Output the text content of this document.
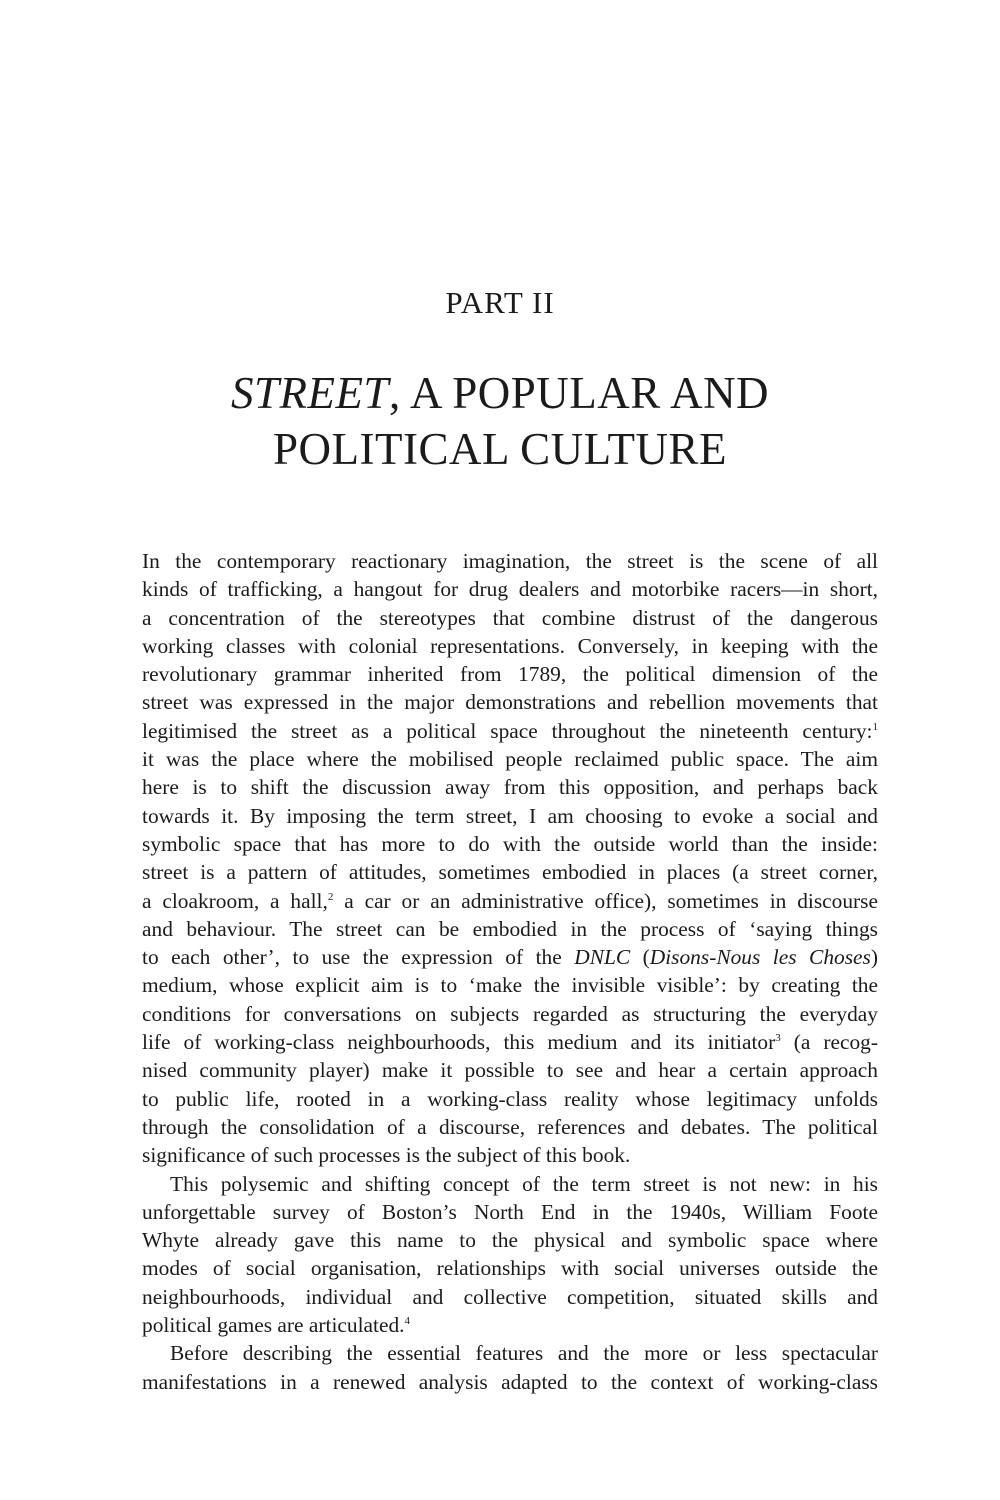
PART II
STREET, A POPULAR AND
POLITICAL CULTURE
In the contemporary reactionary imagination, the street is the scene of all
kinds of trafficking, a hangout for drug dealers and motorbike racers—in short,
a concentration of the stereotypes that combine distrust of the dangerous
working classes with colonial representations. Conversely, in keeping with the
revolutionary grammar inherited from 1789, the political dimension of the
street was expressed in the major demonstrations and rebellion movements that
legitimised the street as a political space throughout the nineteenth century:$^1$
it was the place where the mobilised people reclaimed public space. The aim
here is to shift the discussion away from this opposition, and perhaps back
towards it. By imposing the term street, I am choosing to evoke a social and
symbolic space that has more to do with the outside world than the inside:
street is a pattern of attitudes, sometimes embodied in places (a street corner,
a cloakroom, a hall,$^2$ a car or an administrative office), sometimes in discourse
and behaviour. The street can be embodied in the process of ‘saying things
to each other’, to use the expression of the DNLC (Disons-Nous les Choses)
medium, whose explicit aim is to ‘make the invisible visible’: by creating the
conditions for conversations on subjects regarded as structuring the everyday
life of working-class neighbourhoods, this medium and its initiator$^3$ (a recog-
nised community player) make it possible to see and hear a certain approach
to public life, rooted in a working-class reality whose legitimacy unfolds
through the consolidation of a discourse, references and debates. The political
significance of such processes is the subject of this book.
This polysemic and shifting concept of the term street is not new: in his
unforgettable survey of Boston’s North End in the 1940s, William Foote
Whyte already gave this name to the physical and symbolic space where
modes of social organisation, relationships with social universes outside the
neighbourhoods, individual and collective competition, situated skills and
political games are articulated.$^4$
Before describing the essential features and the more or less spectacular
manifestations in a renewed analysis adapted to the context of working-class
